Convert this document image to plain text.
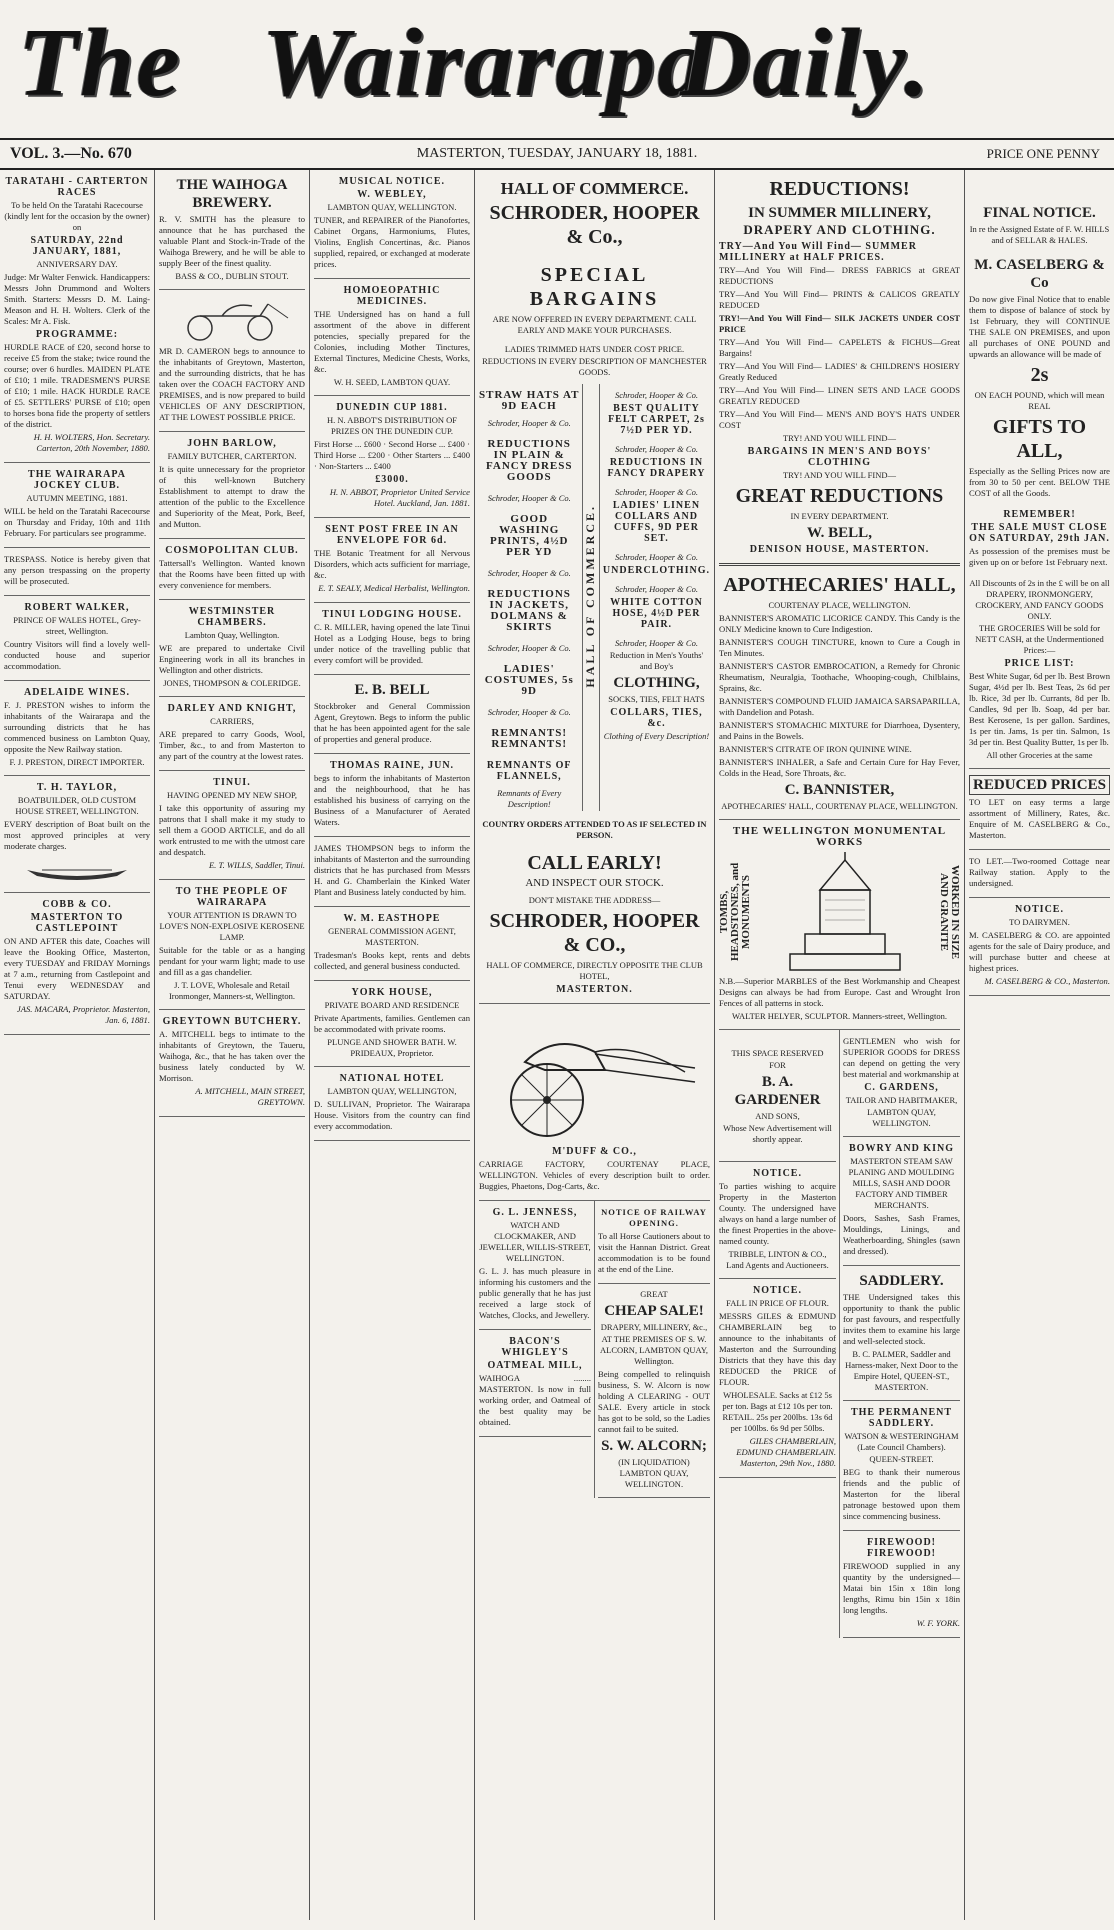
The Wairarapa
Daily.
VOL. 3.—No. 670	MASTERTON, TUESDAY, JANUARY 18, 1881.	PRICE ONE PENNY
TARATAHI - CARTERTON RACES

To be held On the Taratahi Racecourse (kindly lent for the occasion by the owner) on

SATURDAY, 22nd JANUARY, 1881,

ANNIVERSARY DAY.

Judge: Mr Walter Fenwick. Handicappers: Messrs John Drummond and Wolters Smith. Starters: Messrs D. M. Laing-Meason and H. H. Wolters. Clerk of the Scales: Mr A. Fisk.

PROGRAMME:

HURDLE RACE of £20, second horse to receive £5 from the stake; twice round the course; over 6 hurdles. MAIDEN PLATE of £10; 1 mile. TRADESMEN'S PURSE of £10; 1 mile. HACK HURDLE RACE of £5. SETTLERS' PURSE of £10; open to horses bona fide the property of settlers of the district.

H. H. WOLTERS, Hon. Secretary. Carterton, 20th November, 1880.

THE WAIRARAPA JOCKEY CLUB.

AUTUMN MEETING, 1881.

WILL be held on the Taratahi Racecourse on Thursday and Friday, 10th and 11th February. For particulars see programme.

TRESPASS. Notice is hereby given that any person trespassing on the property will be prosecuted.

ROBERT WALKER,

PRINCE OF WALES HOTEL, Grey-street, Wellington.

Country Visitors will find a lovely well-conducted house and superior accommodation.

ADELAIDE WINES.

F. J. PRESTON wishes to inform the inhabitants of the Wairarapa and the surrounding districts that he has commenced business on Lambton Quay, opposite the New Railway station.

F. J. PRESTON, DIRECT IMPORTER.

T. H. TAYLOR,

BOATBUILDER, OLD CUSTOM HOUSE STREET, WELLINGTON.

EVERY description of Boat built on the most approved principles at very moderate charges.

COBB & CO.
MASTERTON TO CASTLEPOINT

ON AND AFTER this date, Coaches will leave the Booking Office, Masterton, every TUESDAY and FRIDAY Mornings at 7 a.m., returning from Castlepoint and Tenui every WEDNESDAY and SATURDAY.

JAS. MACARA, Proprietor. Masterton, Jan. 6, 1881.

THE WAIHOGA BREWERY.

R. V. SMITH has the pleasure to announce that he has purchased the valuable Plant and Stock-in-Trade of the Waihoga Brewery, and he will be able to supply Beer of the finest quality.

BASS & CO., DUBLIN STOUT.

MR D. CAMERON begs to announce to the inhabitants of Greytown, Masterton, and the surrounding districts, that he has taken over the COACH FACTORY AND PREMISES, and is now prepared to build VEHICLES OF ANY DESCRIPTION, AT THE LOWEST POSSIBLE PRICE.

JOHN BARLOW,

FAMILY BUTCHER, CARTERTON.

It is quite unnecessary for the proprietor of this well-known Butchery Establishment to attempt to draw the attention of the public to the Excellence and Superiority of the Meat, Pork, Beef, and Mutton.

COSMOPOLITAN CLUB.

Tattersall's Wellington. Wanted known that the Rooms have been fitted up with every convenience for members.

WESTMINSTER CHAMBERS.

Lambton Quay, Wellington.

WE are prepared to undertake Civil Engineering work in all its branches in Wellington and other districts.

JONES, THOMPSON & COLERIDGE.

DARLEY AND KNIGHT,

CARRIERS,

ARE prepared to carry Goods, Wool, Timber, &c., to and from Masterton to any part of the country at the lowest rates.

TINUI.

HAVING OPENED MY NEW SHOP,

I take this opportunity of assuring my patrons that I shall make it my study to sell them a GOOD ARTICLE, and do all work entrusted to me with the utmost care and despatch.

E. T. WILLS, Saddler, Tinui.

TO THE PEOPLE OF WAIRARAPA

YOUR ATTENTION IS DRAWN TO LOVE'S NON-EXPLOSIVE KEROSENE LAMP.

Suitable for the table or as a hanging pendant for your warm light; made to use and fill as a gas chandelier.

J. T. LOVE, Wholesale and Retail Ironmonger, Manners-st, Wellington.

GREYTOWN BUTCHERY.

A. MITCHELL begs to intimate to the inhabitants of Greytown, the Taueru, Waihoga, &c., that he has taken over the business lately conducted by W. Morrison.

A. MITCHELL, MAIN STREET, GREYTOWN.

MUSICAL NOTICE.
W. WEBLEY,

LAMBTON QUAY, WELLINGTON.

TUNER, and REPAIRER of the Pianofortes, Cabinet Organs, Harmoniums, Flutes, Violins, English Concertinas, &c. Pianos supplied, repaired, or exchanged at moderate prices.

HOMOEOPATHIC MEDICINES.

THE Undersigned has on hand a full assortment of the above in different potencies, specially prepared for the Colonies, including Mother Tinctures, External Tinctures, Medicine Chests, Works, &c.

W. H. SEED, LAMBTON QUAY.

DUNEDIN CUP 1881.

H. N. ABBOT'S DISTRIBUTION OF PRIZES ON THE DUNEDIN CUP.

First Horse ... £600 · Second Horse ... £400 · Third Horse ... £200 · Other Starters ... £400 · Non-Starters ... £400

£3000.

H. N. ABBOT, Proprietor United Service Hotel. Auckland, Jan. 1881.

SENT POST FREE IN AN ENVELOPE FOR 6d.

THE Botanic Treatment for all Nervous Disorders, which acts sufficient for marriage, &c.

E. T. SEALY, Medical Herbalist, Wellington.

TINUI LODGING HOUSE.

C. R. MILLER, having opened the late Tinui Hotel as a Lodging House, begs to bring under notice of the travelling public that every comfort will be provided.

E. B. BELL

Stockbroker and General Commission Agent, Greytown. Begs to inform the public that he has been appointed agent for the sale of properties and general produce.

THOMAS RAINE, JUN.

begs to inform the inhabitants of Masterton and the neighbourhood, that he has established his business of carrying on the Business of a Manufacturer of Aerated Waters.

JAMES THOMPSON begs to inform the inhabitants of Masterton and the surrounding districts that he has purchased from Messrs H. and G. Chamberlain the Kinked Water Plant and Business lately conducted by him.

W. M. EASTHOPE

GENERAL COMMISSION AGENT, MASTERTON.

Tradesman's Books kept, rents and debts collected, and general business conducted.

YORK HOUSE,

PRIVATE BOARD AND RESIDENCE

Private Apartments, families. Gentlemen can be accommodated with private rooms.

PLUNGE AND SHOWER BATH. W. PRIDEAUX, Proprietor.

NATIONAL HOTEL

LAMBTON QUAY, WELLINGTON,

D. SULLIVAN, Proprietor. The Wairarapa House. Visitors from the country can find every accommodation.

HALL OF COMMERCE.
SCHRODER, HOOPER & Co.,
SPECIAL BARGAINS

ARE NOW OFFERED IN EVERY DEPARTMENT. CALL EARLY AND MAKE YOUR PURCHASES.

LADIES TRIMMED HATS UNDER COST PRICE.

REDUCTIONS IN EVERY DESCRIPTION OF MANCHESTER GOODS.

STRAW HATS AT 9D EACH

Schroder, Hooper & Co.

REDUCTIONS IN PLAIN & FANCY DRESS GOODS

Schroder, Hooper & Co.

GOOD WASHING PRINTS, 4½D PER YD

Schroder, Hooper & Co.

REDUCTIONS IN JACKETS, DOLMANS & SKIRTS

Schroder, Hooper & Co.

LADIES' COSTUMES, 5s 9D

Schroder, Hooper & Co.

REMNANTS! REMNANTS!
REMNANTS OF FLANNELS,

Remnants of Every Description!

HALL OF COMMERCE.

Schroder, Hooper & Co.

BEST QUALITY FELT CARPET, 2s 7½D PER YD.

Schroder, Hooper & Co.

REDUCTIONS IN FANCY DRAPERY

Schroder, Hooper & Co.

LADIES' LINEN COLLARS AND CUFFS, 9D PER SET.

Schroder, Hooper & Co.

UNDERCLOTHING.

Schroder, Hooper & Co.

WHITE COTTON HOSE, 4½D PER PAIR.

Schroder, Hooper & Co.

Reduction in Men's Youths' and Boy's

CLOTHING,

SOCKS, TIES, FELT HATS

COLLARS, TIES, &c.

Clothing of Every Description!

COUNTRY ORDERS ATTENDED TO AS IF SELECTED IN PERSON.

CALL EARLY!

AND INSPECT OUR STOCK.

DON'T MISTAKE THE ADDRESS—

SCHRODER, HOOPER & CO.,

HALL OF COMMERCE, DIRECTLY OPPOSITE THE CLUB HOTEL,

MASTERTON.
M'DUFF & CO.,

CARRIAGE FACTORY, COURTENAY PLACE, WELLINGTON. Vehicles of every description built to order. Buggies, Phaetons, Dog-Carts, &c.

G. L. JENNESS,

WATCH AND CLOCKMAKER, AND JEWELLER, WILLIS-STREET, WELLINGTON.

G. L. J. has much pleasure in informing his customers and the public generally that he has just received a large stock of Watches, Clocks, and Jewellery.

BACON'S WHIGLEY'S
OATMEAL MILL,

WAIHOGA ........ MASTERTON. Is now in full working order, and Oatmeal of the best quality may be obtained.

NOTICE OF RAILWAY OPENING.

To all Horse Cautioners about to visit the Hannan District. Great accommodation is to be found at the end of the Line.

GREAT

CHEAP SALE!

DRAPERY, MILLINERY, &c.,

AT THE PREMISES OF S. W. ALCORN, LAMBTON QUAY, Wellington.

Being compelled to relinquish business, S. W. Alcorn is now holding A CLEARING - OUT SALE. Every article in stock has got to be sold, so the Ladies cannot fail to be suited.

S. W. ALCORN;

(IN LIQUIDATION) LAMBTON QUAY, WELLINGTON.

REDUCTIONS!
IN SUMMER MILLINERY,
DRAPERY AND CLOTHING.
TRY—And You Will Find— SUMMER MILLINERY at HALF PRICES.

TRY—And You Will Find— DRESS FABRICS at GREAT REDUCTIONS

TRY—And You Will Find— PRINTS & CALICOS GREATLY REDUCED

TRY!—And You Will Find— SILK JACKETS UNDER COST PRICE

TRY—And You Will Find— CAPELETS & FICHUS—Great Bargains!

TRY—And You Will Find— LADIES' & CHILDREN'S HOSIERY Greatly Reduced

TRY—And You Will Find— LINEN SETS AND LACE GOODS GREATLY REDUCED

TRY—And You Will Find— MEN'S AND BOY'S HATS UNDER COST

TRY! AND YOU WILL FIND—

BARGAINS IN MEN'S AND BOYS' CLOTHING

TRY! AND YOU WILL FIND—

GREAT REDUCTIONS

IN EVERY DEPARTMENT.

W. BELL,
DENISON HOUSE, MASTERTON.
APOTHECARIES' HALL,

COURTENAY PLACE, WELLINGTON.

BANNISTER'S AROMATIC LICORICE CANDY. This Candy is the ONLY Medicine known to Cure Indigestion.

BANNISTER'S COUGH TINCTURE, known to Cure a Cough in Ten Minutes.

BANNISTER'S CASTOR EMBROCATION, a Remedy for Chronic Rheumatism, Neuralgia, Toothache, Whooping-cough, Chilblains, Sprains, &c.

BANNISTER'S COMPOUND FLUID JAMAICA SARSAPARILLA, with Dandelion and Potash.

BANNISTER'S STOMACHIC MIXTURE for Diarrhoea, Dysentery, and Pains in the Bowels.

BANNISTER'S CITRATE OF IRON QUININE WINE.

BANNISTER'S INHALER, a Safe and Certain Cure for Hay Fever, Colds in the Head, Sore Throats, &c.

C. BANNISTER,

APOTHECARIES' HALL, COURTENAY PLACE, WELLINGTON.

THE WELLINGTON MONUMENTAL WORKS
TOMBS, HEADSTONES, and MONUMENTS	WORKED IN SIZE AND GRANITE

N.B.—Superior MARBLES of the Best Workmanship and Cheapest Designs can always be had from Europe. Cast and Wrought Iron Fences of all patterns in stock.

WALTER HELYER, SCULPTOR. Manners-street, Wellington.

THIS SPACE RESERVED

FOR

B. A. GARDENER

AND SONS,

Whose New Advertisement will shortly appear.

NOTICE.

To parties wishing to acquire Property in the Masterton County. The undersigned have always on hand a large number of the finest Properties in the above-named county.

TRIBBLE, LINTON & CO., Land Agents and Auctioneers.

NOTICE.

FALL IN PRICE OF FLOUR.

MESSRS GILES & EDMUND CHAMBERLAIN beg to announce to the inhabitants of Masterton and the Surrounding Districts that they have this day REDUCED the PRICE of FLOUR.

WHOLESALE. Sacks at £12 5s per ton. Bags at £12 10s per ton. RETAIL. 25s per 200lbs. 13s 6d per 100lbs. 6s 9d per 50lbs.

GILES CHAMBERLAIN, EDMUND CHAMBERLAIN. Masterton, 29th Nov., 1880.

GENTLEMEN who wish for SUPERIOR GOODS for DRESS can depend on getting the very best material and workmanship at

C. GARDENS,

TAILOR AND HABITMAKER,

LAMBTON QUAY, WELLINGTON.

BOWRY AND KING

MASTERTON STEAM SAW PLANING AND MOULDING MILLS, SASH AND DOOR FACTORY AND TIMBER MERCHANTS.

Doors, Sashes, Sash Frames, Mouldings, Linings, and Weatherboarding, Shingles (sawn and dressed).

SADDLERY.

THE Undersigned takes this opportunity to thank the public for past favours, and respectfully invites them to examine his large and well-selected stock.

B. C. PALMER, Saddler and Harness-maker, Next Door to the Empire Hotel, QUEEN-ST., MASTERTON.

THE PERMANENT SADDLERY.

WATSON & WESTERINGHAM (Late Council Chambers).

QUEEN-STREET.

BEG to thank their numerous friends and the public of Masterton for the liberal patronage bestowed upon them since commencing business.

FIREWOOD! FIREWOOD!

FIREWOOD supplied in any quantity by the undersigned— Matai bin 15in x 18in long lengths, Rimu bin 15in x 18in long lengths.

W. F. YORK.

FINAL NOTICE.

In re the Assigned Estate of F. W. HILLS and of SELLAR & HALES.

M. CASELBERG & Co

Do now give Final Notice that to enable them to dispose of balance of stock by 1st February, they will CONTINUE THE SALE ON PREMISES, and upon all purchases of ONE POUND and upwards an allowance will be made of

2s

ON EACH POUND, which will mean REAL

GIFTS TO ALL,

Especially as the Selling Prices now are from 30 to 50 per cent. BELOW THE COST of all the Goods.

REMEMBER!
THE SALE MUST CLOSE ON SATURDAY, 29th JAN.

As possession of the premises must be given up on or before 1st February next.

All Discounts of 2s in the £ will be on all DRAPERY, IRONMONGERY, CROCKERY, AND FANCY GOODS ONLY.

THE GROCERIES Will be sold for NETT CASH, at the Undermentioned Prices:—

PRICE LIST:

Best White Sugar, 6d per lb. Best Brown Sugar, 4½d per lb. Best Teas, 2s 6d per lb. Rice, 3d per lb. Currants, 8d per lb. Candles, 9d per lb. Soap, 4d per bar. Best Kerosene, 1s per gallon. Sardines, 1s per tin. Jams, 1s per tin. Salmon, 1s 3d per tin. Best Quality Butter, 1s per lb.

All other Groceries at the same

REDUCED PRICES

TO LET on easy terms a large assortment of Millinery, Rates, &c. Enquire of M. CASELBERG & Co., Masterton.

TO LET.—Two-roomed Cottage near Railway station. Apply to the undersigned.

NOTICE.

TO DAIRYMEN.

M. CASELBERG & CO. are appointed agents for the sale of Dairy produce, and will purchase butter and cheese at highest prices.

M. CASELBERG & CO., Masterton.
